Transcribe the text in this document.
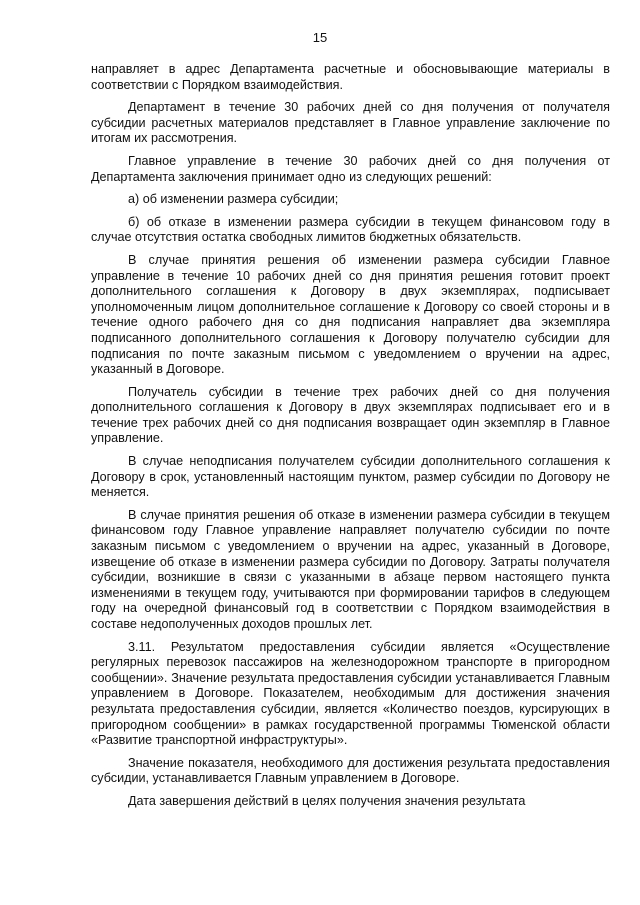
15

направляет в адрес Департамента расчетные и обосновывающие материалы в соответствии с Порядком взаимодействия.

Департамент в течение 30 рабочих дней со дня получения от получателя субсидии расчетных материалов представляет в Главное управление заключение по итогам их рассмотрения.

Главное управление в течение 30 рабочих дней со дня получения от Департамента заключения принимает одно из следующих решений:

а) об изменении размера субсидии;

б) об отказе в изменении размера субсидии в текущем финансовом году в случае отсутствия остатка свободных лимитов бюджетных обязательств.

В случае принятия решения об изменении размера субсидии Главное управление в течение 10 рабочих дней со дня принятия решения готовит проект дополнительного соглашения к Договору в двух экземплярах, подписывает уполномоченным лицом дополнительное соглашение к Договору со своей стороны и в течение одного рабочего дня со дня подписания направляет два экземпляра подписанного дополнительного соглашения к Договору получателю субсидии для подписания по почте заказным письмом с уведомлением о вручении на адрес, указанный в Договоре.

Получатель субсидии в течение трех рабочих дней со дня получения дополнительного соглашения к Договору в двух экземплярах подписывает его и в течение трех рабочих дней со дня подписания возвращает один экземпляр в Главное управление.

В случае неподписания получателем субсидии дополнительного соглашения к Договору в срок, установленный настоящим пунктом, размер субсидии по Договору не меняется.

В случае принятия решения об отказе в изменении размера субсидии в текущем финансовом году Главное управление направляет получателю субсидии по почте заказным письмом с уведомлением о вручении на адрес, указанный в Договоре, извещение об отказе в изменении размера субсидии по Договору. Затраты получателя субсидии, возникшие в связи с указанными в абзаце первом настоящего пункта изменениями в текущем году, учитываются при формировании тарифов в следующем году на очередной финансовый год в соответствии с Порядком взаимодействия в составе недополученных доходов прошлых лет.

3.11. Результатом предоставления субсидии является «Осуществление регулярных перевозок пассажиров на железнодорожном транспорте в пригородном сообщении». Значение результата предоставления субсидии устанавливается Главным управлением в Договоре. Показателем, необходимым для достижения значения результата предоставления субсидии, является «Количество поездов, курсирующих в пригородном сообщении» в рамках государственной программы Тюменской области «Развитие транспортной инфраструктуры».

Значение показателя, необходимого для достижения результата предоставления субсидии, устанавливается Главным управлением в Договоре.

Дата завершения действий в целях получения значения результата
